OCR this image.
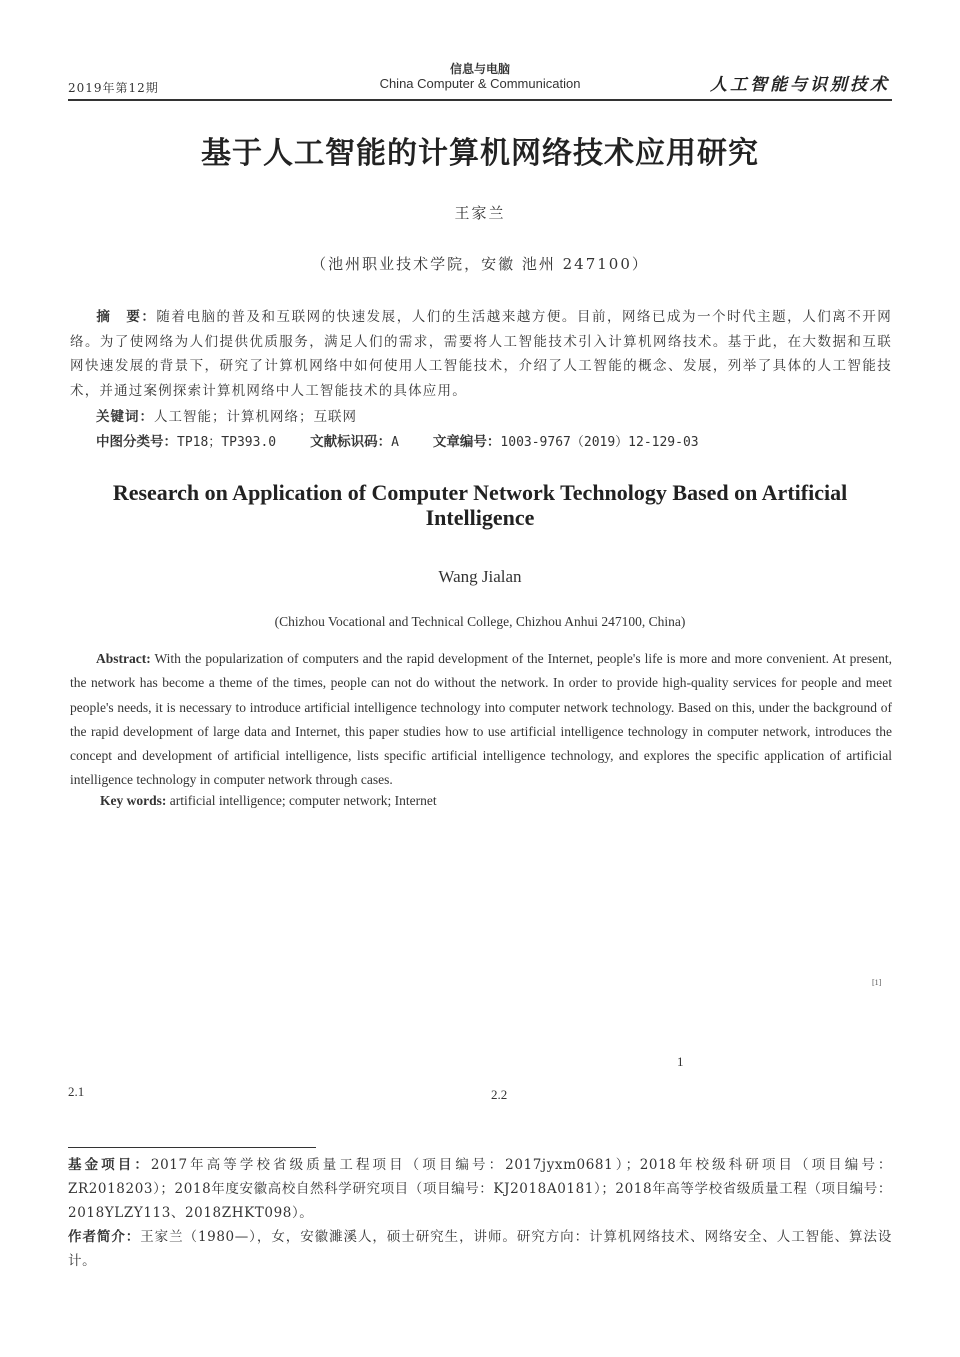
2019年第12期
信息与电脑
China Computer & Communication	人工智能与识别技术
基于人工智能的计算机网络技术应用研究
王家兰
（池州职业技术学院，安徽 池州 247100）
摘　要：随着电脑的普及和互联网的快速发展，人们的生活越来越方便。目前，网络已成为一个时代主题，人们离不开网络。为了使网络为人们提供优质服务，满足人们的需求，需要将人工智能技术引入计算机网络技术。基于此，在大数据和互联网快速发展的背景下，研究了计算机网络中如何使用人工智能技术，介绍了人工智能的概念、发展，列举了具体的人工智能技术，并通过案例探索计算机网络中人工智能技术的具体应用。
关键词：人工智能；计算机网络；互联网
中图分类号：TP18；TP393.0	文献标识码：A	文章编号：1003-9767（2019）12-129-03
Research on Application of Computer Network Technology Based on Artificial Intelligence
Wang Jialan
(Chizhou Vocational and Technical College, Chizhou Anhui 247100, China)
Abstract: With the popularization of computers and the rapid development of the Internet, people's life is more and more convenient. At present, the network has become a theme of the times, people can not do without the network. In order to provide high-quality services for people and meet people's needs, it is necessary to introduce artificial intelligence technology into computer network technology. Based on this, under the background of the rapid development of large data and Internet, this paper studies how to use artificial intelligence technology in computer network, introduces the concept and development of artificial intelligence, lists specific artificial intelligence technology, and explores the specific application of artificial intelligence technology in computer network through cases.
Key words: artificial intelligence; computer network; Internet
[1]
1
2.1	2.2
基金项目：2017年高等学校省级质量工程项目（项目编号：2017jyxm0681）；2018年校级科研项目（项目编号：ZR2018203）；2018年度安徽高校自然科学研究项目（项目编号：KJ2018A0181）；2018年高等学校省级质量工程（项目编号：2018YLZY113、2018ZHKT098）。
作者简介：王家兰（1980—），女，安徽濉溪人，硕士研究生，讲师。研究方向：计算机网络技术、网络安全、人工智能、算法设计。
